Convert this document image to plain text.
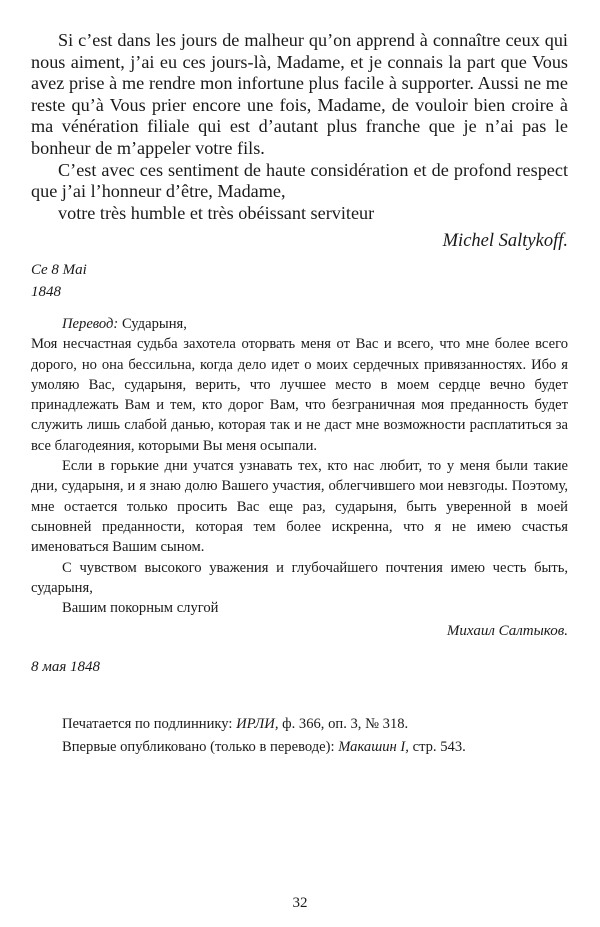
Si c’est dans les jours de malheur qu’on apprend à connaître ceux qui nous aiment, j’ai eu ces jours-là, Madame, et je connais la part que Vous avez prise à me rendre mon infortune plus facile à supporter. Aussi ne me reste qu’à Vous prier encore une fois, Madame, de vouloir bien croire à ma vénération filiale qui est d’autant plus franche que je n’ai pas le bonheur de m’appeler votre fils.

C’est avec ces sentiment de haute considération et de profond respect que j’ai l’honneur d’être, Madame,

votre très humble et très obéissant serviteur

Michel Saltykoff.
Ce 8 Mai
1848

Перевод: Сударыня,

Моя несчастная судьба захотела оторвать меня от Вас и всего, что мне более всего дорого, но она бессильна, когда дело идет о моих сердечных привязанностях. Ибо я умоляю Вас, сударыня, верить, что лучшее место в моем сердце вечно будет принадлежать Вам и тем, кто дорог Вам, что безграничная моя преданность будет служить лишь слабой данью, которая так и не даст мне возможности расплатиться за все благодеяния, которыми Вы меня осыпали.

Если в горькие дни учатся узнавать тех, кто нас любит, то у меня были такие дни, сударыня, и я знаю долю Вашего участия, облегчившего мои невзгоды. Поэтому, мне остается только просить Вас еще раз, сударыня, быть уверенной в моей сыновней преданности, которая тем более искренна, что я не имею счастья именоваться Вашим сыном.

С чувством высокого уважения и глубочайшего почтения имею честь быть, сударыня,

Вашим покорным слугой

Михаил Салтыков.
8 мая 1848
Печатается по подлиннику: ИРЛИ, ф. 366, оп. 3, № 318.
Впервые опубликовано (только в переводе): Макашин I, стр. 543.
32
